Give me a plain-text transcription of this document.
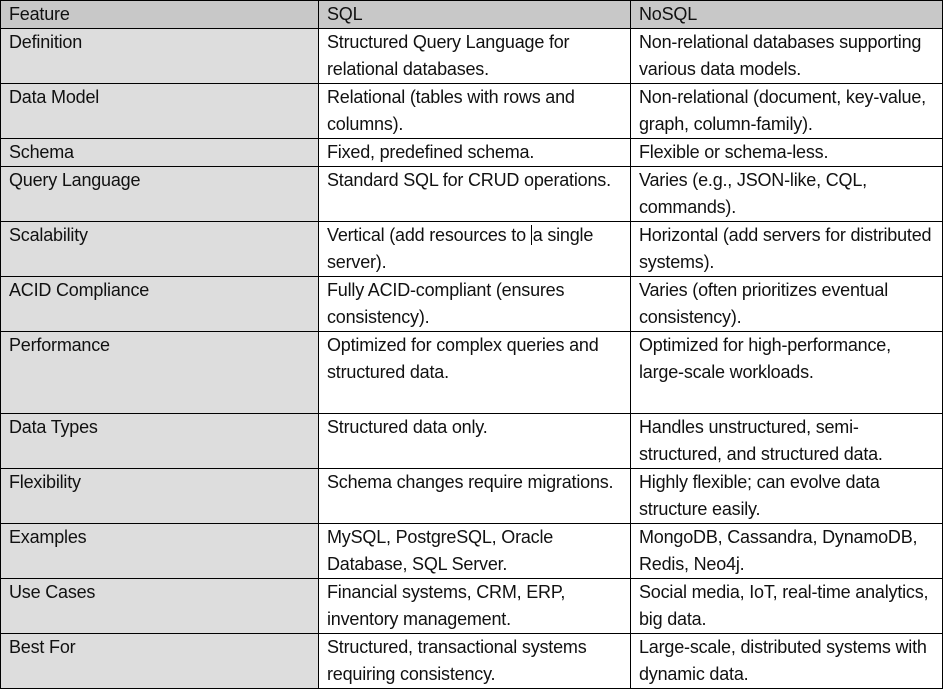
Feature	SQL	NoSQL
Definition	Structured Query Language for relational databases.	Non-relational databases supporting various data models.
Data Model	Relational (tables with rows and columns).	Non-relational (document, key-value, graph, column-family).
Schema	Fixed, predefined schema.	Flexible or schema-less.
Query Language	Standard SQL for CRUD operations.	Varies (e.g., JSON-like, CQL, commands).
Scalability	Vertical (add resources to a single server).	Horizontal (add servers for distributed systems).
ACID Compliance	Fully ACID-compliant (ensures consistency).	Varies (often prioritizes eventual consistency).
Performance	Optimized for complex queries and structured data.	Optimized for high-performance, large-scale workloads.
Data Types	Structured data only.	Handles unstructured, semi-structured, and structured data.
Flexibility	Schema changes require migrations.	Highly flexible; can evolve data structure easily.
Examples	MySQL, PostgreSQL, Oracle Database, SQL Server.	MongoDB, Cassandra, DynamoDB, Redis, Neo4j.
Use Cases	Financial systems, CRM, ERP, inventory management.	Social media, IoT, real-time analytics, big data.
Best For	Structured, transactional systems requiring consistency.	Large-scale, distributed systems with dynamic data.
